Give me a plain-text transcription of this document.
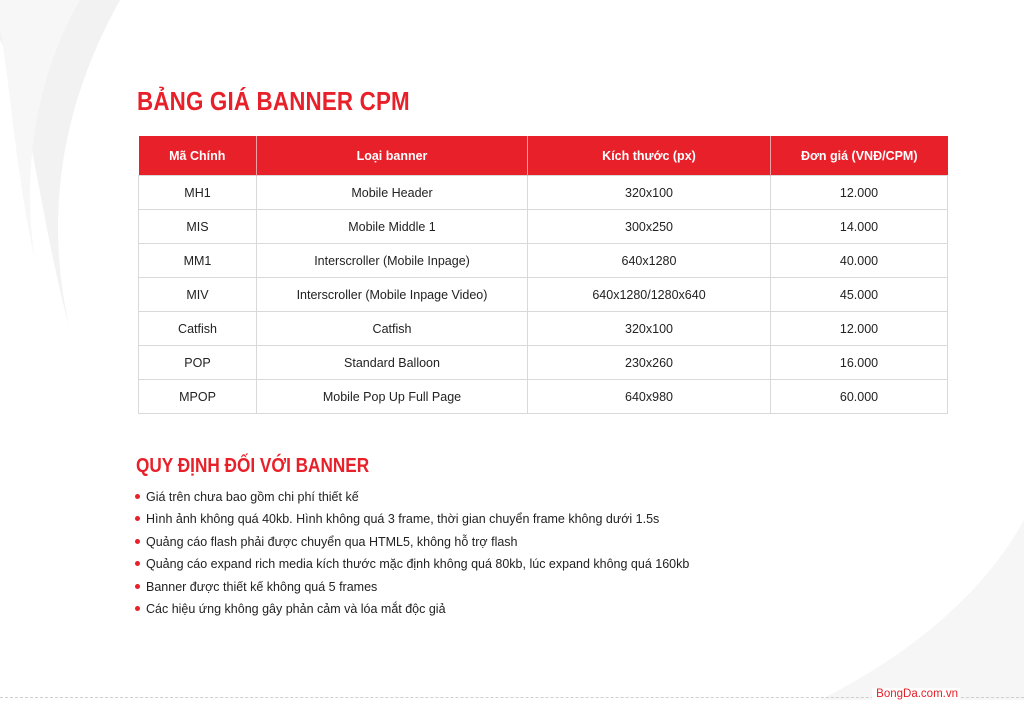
BẢNG GIÁ BANNER CPM
Mã Chính	Loại banner	Kích thước (px)	Đơn giá (VNĐ/CPM)
MH1	Mobile Header	320x100	12.000
MIS	Mobile Middle 1	300x250	14.000
MM1	Interscroller (Mobile Inpage)	640x1280	40.000
MIV	Interscroller (Mobile Inpage Video)	640x1280/1280x640	45.000
Catfish	Catfish	320x100	12.000
POP	Standard Balloon	230x260	16.000
MPOP	Mobile Pop Up Full Page	640x980	60.000
QUY ĐỊNH ĐỐI VỚI BANNER
Giá trên chưa bao gồm chi phí thiết kế
Hình ảnh không quá 40kb. Hình không quá 3 frame, thời gian chuyển frame không dưới 1.5s
Quảng cáo flash phải được chuyển qua HTML5, không hỗ trợ flash
Quảng cáo expand rich media kích thước mặc định không quá 80kb, lúc expand không quá 160kb
Banner được thiết kế không quá 5 frames
Các hiệu ứng không gây phản cảm và lóa mắt độc giả
BongDa.com.vn
